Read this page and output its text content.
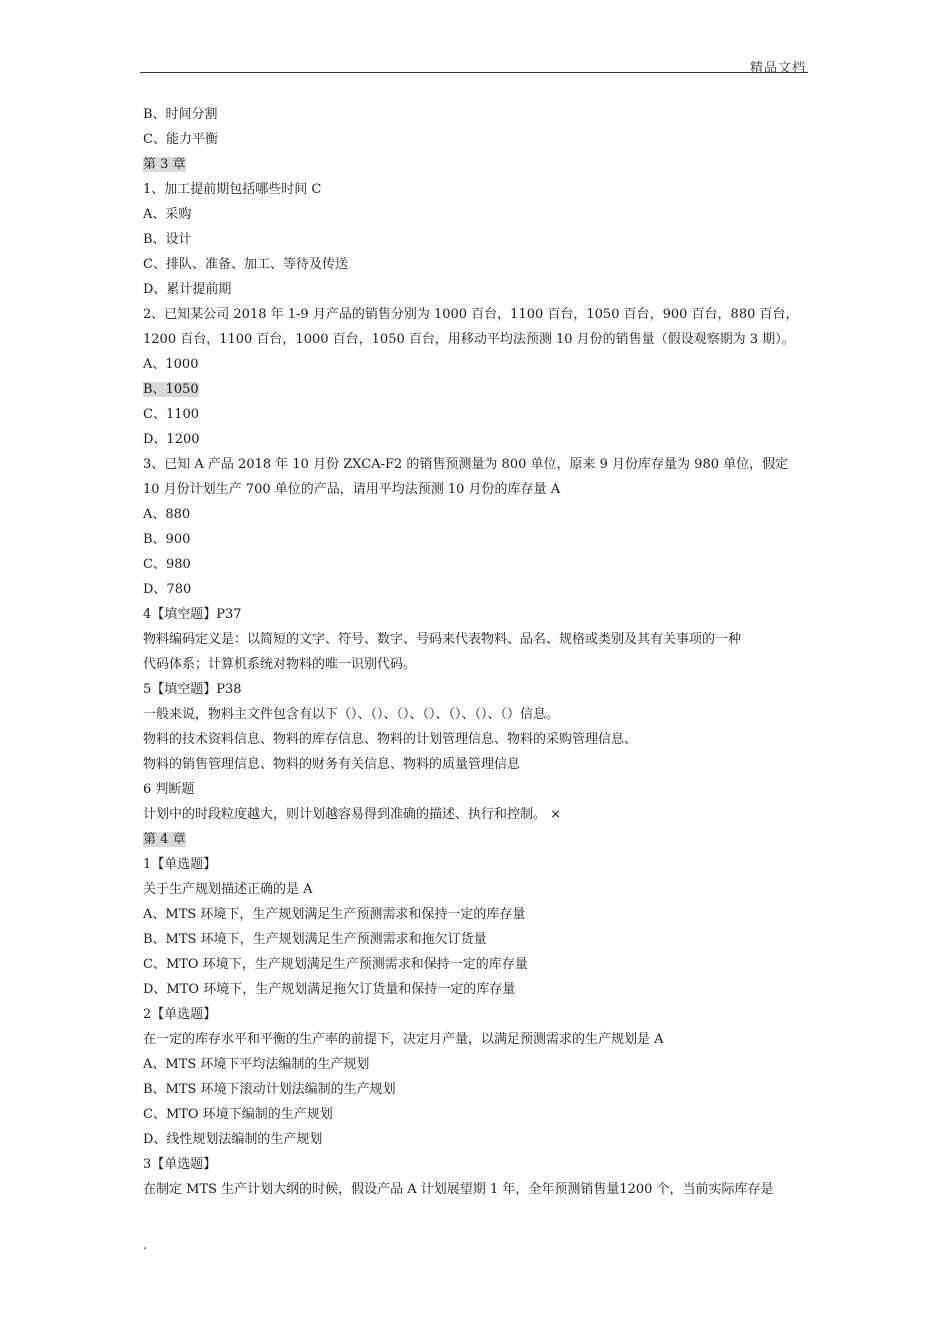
精品文档
B、时间分割
C、能力平衡
第 3 章
1、加工提前期包括哪些时间 C
A、采购
B、设计
C、排队、准备、加工、等待及传送
D、累计提前期
2、已知某公司 2018 年 1-9 月产品的销售分别为 1000 百台，1100 百台，1050 百台，900 百台，880 百台，
1200 百台，1100 百台，1000 百台，1050 百台，用移动平均法预测 10 月份的销售量（假设观察期为 3 期）。
A、1000
B、1050
C、1100
D、1200
3、已知 A 产品 2018 年 10 月份 ZXCA-F2 的销售预测量为 800 单位，原来 9 月份库存量为 980 单位，假定
10 月份计划生产 700 单位的产品，请用平均法预测 10 月份的库存量 A
A、880
B、900
C、980
D、780
4【填空题】P37
物料编码定义是：以简短的文字、符号、数字、号码来代表物料、品名、规格或类别及其有关事项的一种
代码体系；计算机系统对物料的唯一识别代码。
5【填空题】P38
一般来说，物料主文件包含有以下（）、（）、（）、（）、（）、（）、（）信息。
物料的技术资料信息、物料的库存信息、物料的计划管理信息、物料的采购管理信息、
物料的销售管理信息、物料的财务有关信息、物料的质量管理信息
6 判断题
计划中的时段粒度越大，则计划越容易得到准确的描述、执行和控制。 ×
第 4 章
1【单选题】
关于生产规划描述正确的是 A
A、MTS 环境下，生产规划满足生产预测需求和保持一定的库存量
B、MTS 环境下，生产规划满足生产预测需求和拖欠订货量
C、MTO 环境下，生产规划满足生产预测需求和保持一定的库存量
D、MTO 环境下，生产规划满足拖欠订货量和保持一定的库存量
2【单选题】
在一定的库存水平和平衡的生产率的前提下，决定月产量，以满足预测需求的生产规划是 A
A、MTS 环境下平均法编制的生产规划
B、MTS 环境下滚动计划法编制的生产规划
C、MTO 环境下编制的生产规划
D、线性规划法编制的生产规划
3【单选题】
在制定 MTS 生产计划大纲的时候，假设产品 A 计划展望期 1 年，全年预测销售量1200 个，当前实际库存是
.
